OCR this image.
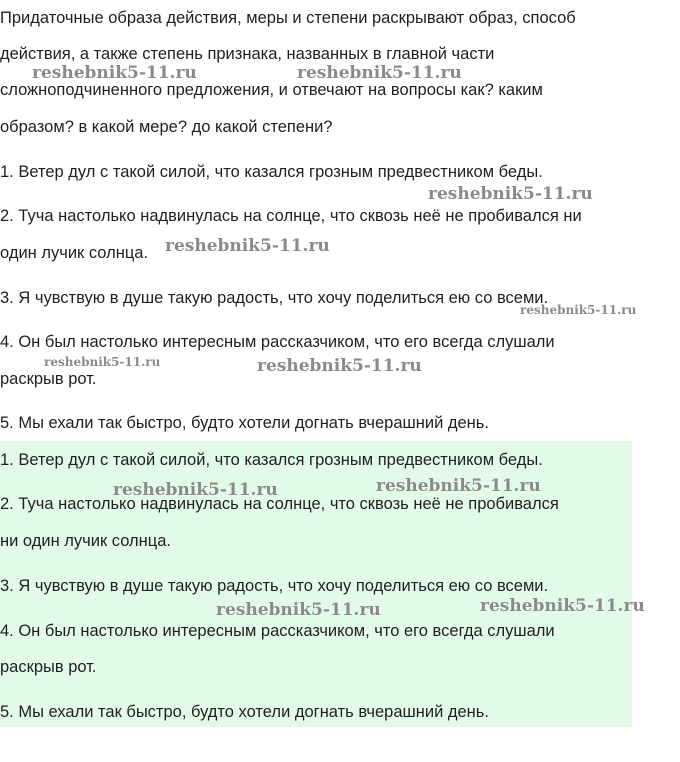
Придаточные образа действия, меры и степени раскрывают образ, способ
действия, а также степень признака, названных в главной части
сложноподчиненного предложения, и отвечают на вопросы как? каким
образом? в какой мере? до какой степени?
1. Ветер дул с такой силой, что казался грозным предвестником беды.
2. Туча настолько надвинулась на солнце, что сквозь неё не пробивался ни
один лучик солнца.
3. Я чувствую в душе такую радость, что хочу поделиться ею со всеми.
4. Он был настолько интересным рассказчиком, что его всегда слушали
раскрыв рот.
5. Мы ехали так быстро, будто хотели догнать вчерашний день.
1. Ветер дул с такой силой, что казался грозным предвестником беды.
2. Туча настолько надвинулась на солнце, что сквозь неё не пробивался
ни один лучик солнца.
3. Я чувствую в душе такую радость, что хочу поделиться ею со всеми.
4. Он был настолько интересным рассказчиком, что его всегда слушали
раскрыв рот.
5. Мы ехали так быстро, будто хотели догнать вчерашний день.
reshebnik5-11.ru	reshebnik5-11.ru
reshebnik5-11.ru
reshebnik5-11.ru
reshebnik5-11.ru
reshebnik5-11.ru	reshebnik5-11.ru
reshebnik5-11.ru
reshebnik5-11.ru
reshebnik5-11.ru
reshebnik5-11.ru
